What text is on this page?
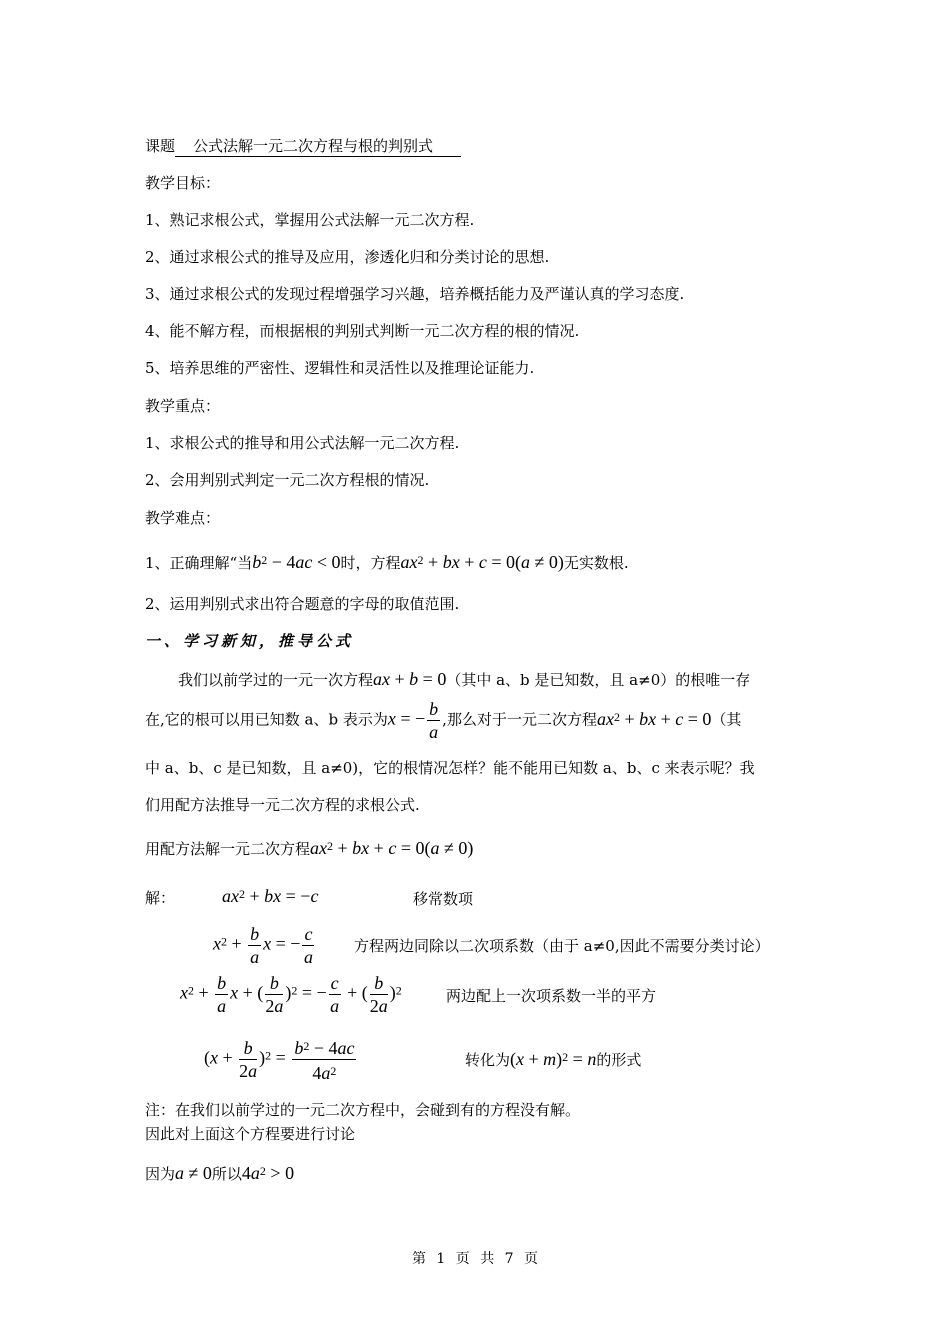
课题 公式法解一元二次方程与根的判别式
教学目标：
1、熟记求根公式，掌握用公式法解一元二次方程.
2、通过求根公式的推导及应用，渗透化归和分类讨论的思想.
3、通过求根公式的发现过程增强学习兴趣，培养概括能力及严谨认真的学习态度.
4、能不解方程，而根据根的判别式判断一元二次方程的根的情况.
5、培养思维的严密性、逻辑性和灵活性以及推理论证能力.
教学重点：
1、求根公式的推导和用公式法解一元二次方程.
2、会用判别式判定一元二次方程根的情况.
教学难点：
1、正确理解“当$b^2 - 4ac < 0$时，方程$ax^2$ + bx + c = 0(a ≠ 0)无实数根.
2、运用判别式求出符合题意的字母的取值范围.
一、学习新知，推导公式
我们以前学过的一元一次方程ax + b = 0（其中 a、b 是已知数，且 a≠0）的根唯一存
在,它的根可以用已知数 a、b 表示为x = − $\frac{b}{a}$ ,那么对于一元二次方程$ax^2$ + bx + c = 0（其
中 a、b、c 是已知数，且 a≠0)，它的根情况怎样？能不能用已知数 a、b、c 来表示呢？我
们用配方法推导一元二次方程的求根公式.
用配方法解一元二次方程$ax^2$ + bx + c = 0(a ≠ 0)
解：	$ax^2$ + bx = −c	移常数项
$x^2 + \frac{b}{a}$ x = − $\frac{c}{a}$	方程两边同除以二次项系数（由于 a≠0,因此不需要分类讨论）
$x^2 + \frac{b}{a}$ x + ( $\frac{b}{2a} )^2$ = − $\frac{c}{a}$ + ( $\frac{b}{2a} )^2$	两边配上一次项系数一半的平方
$(x + \frac{b}{2a} )^2 = \frac{b^2 - 4ac}{4a^2}$	转化为$(x + m)^2 = n$的形式
注：在我们以前学过的一元二次方程中，会碰到有的方程没有解。
因此对上面这个方程要进行讨论
因为a ≠ 0所以$4a^2 > 0$
第 1 页 共 7 页
